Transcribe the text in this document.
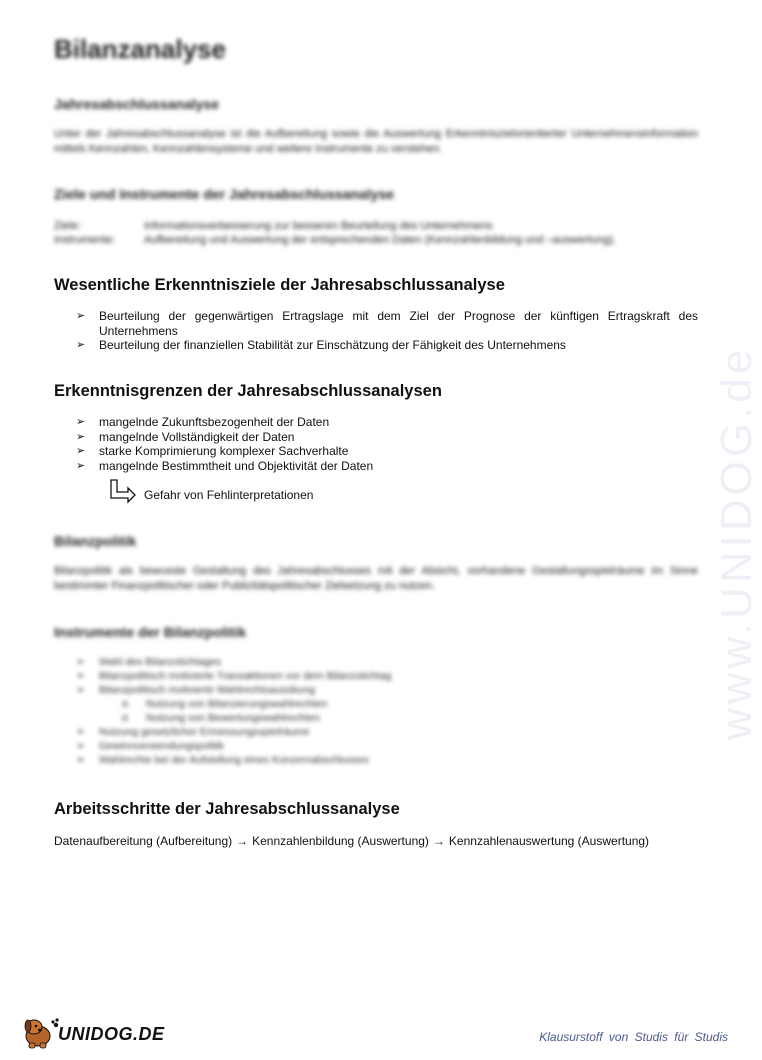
www.UNIDOG.de
Bilanzanalyse
Jahresabschlussanalyse

Unter der Jahresabschlussanalyse ist die Aufbereitung sowie die Auswertung Erkenntniszielorientierter Unternehmensinformation mittels Kennzahlen, Kennzahlensysteme und weitere Instrumente zu verstehen.

Ziele und Instrumente der Jahresabschlussanalyse
Ziele:	Informationsverbesserung zur besseren Beurteilung des Unternehmens
Instrumente:	Aufbereitung und Auswertung der entsprechenden Daten (Kennzahlenbildung und –auswertung).
Wesentliche Erkenntnisziele der Jahresabschlussanalyse
➢ Beurteilung der gegenwärtigen Ertragslage mit dem Ziel der Prognose der künftigen Ertragskraft des Unternehmens
➢ Beurteilung der finanziellen Stabilität zur Einschätzung der Fähigkeit des Unternehmens
Erkenntnisgrenzen der Jahresabschlussanalysen
➢ mangelnde Zukunftsbezogenheit der Daten
➢ mangelnde Vollständigkeit der Daten
➢ starke Komprimierung komplexer Sachverhalte
➢ mangelnde Bestimmtheit und Objektivität der Daten
Gefahr von Fehlinterpretationen
Bilanzpolitik

Bilanzpolitik als bewusste Gestaltung des Jahresabschlusses mit der Absicht, vorhandene Gestaltungsspielräume im Sinne bestimmter Finanzpolitischer oder Publizitätspolitischer Zielsetzung zu nutzen.

Instrumente der Bilanzpolitik
➢ Wahl des Bilanzstichtages
➢ Bilanzpolitisch motivierte Transaktionen vor dem Bilanzstichtag
➢ Bilanzpolitisch motivierte Wahlrechtsausübung
o Nutzung von Bilanzierungswahlrechten
o Nutzung von Bewertungswahlrechten
➢ Nutzung gesetzlicher Ermessungsspielräume
➢ Gewinnverwendungspolitik
➢ Wahlrechte bei der Aufstellung eines Konzernabschlusses
Arbeitsschritte der Jahresabschlussanalyse
Datenaufbereitung (Aufbereitung) → Kennzahlenbildung (Auswertung) → Kennzahlenauswertung (Auswertung)
UNIDOG.DE	Klausurstoff von Studis für Studis
